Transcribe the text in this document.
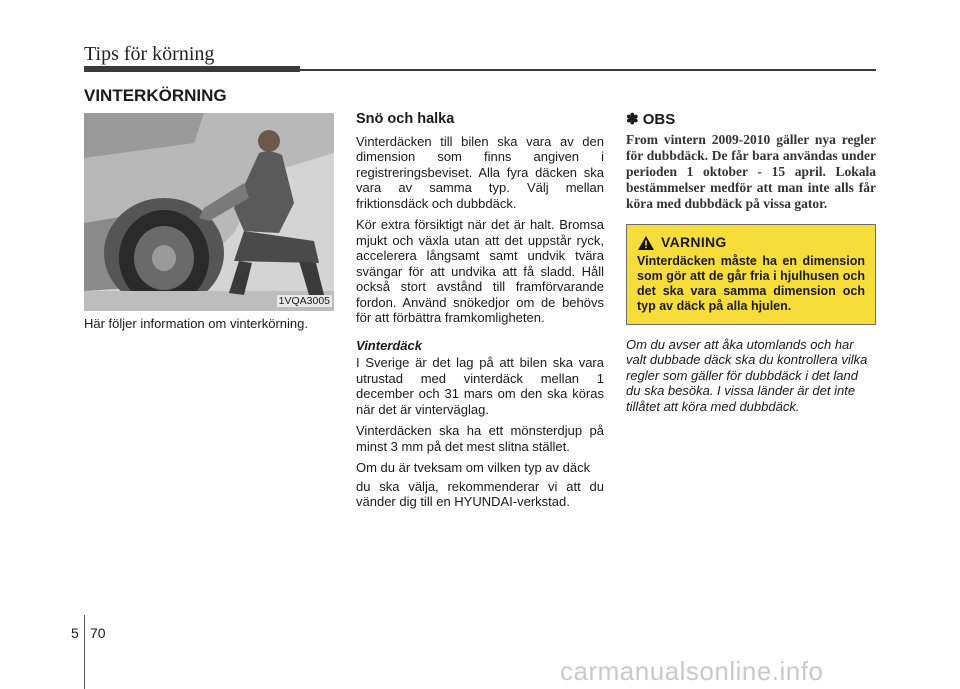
Tips för körning
VINTERKÖRNING
1VQA3005
Här följer information om vinterkörning.
Snö och halka

Vinterdäcken till bilen ska vara av den dimension som finns angiven i registreringsbeviset. Alla fyra däcken ska vara av samma typ. Välj mellan friktionsdäck och dubbdäck.

Kör extra försiktigt när det är halt. Bromsa mjukt och växla utan att det uppstår ryck, accelerera långsamt samt undvik tvära svängar för att undvika att få sladd. Håll också stort avstånd till framförvarande fordon. Använd snökedjor om de behövs för att förbättra framkomligheten.

Vinterdäck

I Sverige är det lag på att bilen ska vara utrustad med vinterdäck mellan 1 december och 31 mars om den ska köras när det är vinterväglag.

Vinterdäcken ska ha ett mönsterdjup på minst 3 mm på det mest slitna stället.

Om du är tveksam om vilken typ av däck

du ska välja, rekommenderar vi att du vänder dig till en HYUNDAI-verkstad.

✽ OBS
From vintern 2009-2010 gäller nya regler för dubbdäck. De får bara användas under perioden 1 oktober - 15 april. Lokala bestämmelser medför att man inte alls får köra med dubbdäck på vissa gator.
VARNING
Vinterdäcken måste ha en dimension som gör att de går fria i hjulhusen och det ska vara samma dimension och typ av däck på alla hjulen.
Om du avser att åka utomlands och har valt dubbade däck ska du kontrollera vilka regler som gäller för dubbdäck i det land du ska besöka. I vissa länder är det inte tillåtet att köra med dubbdäck.
5 70
carmanualsonline.info
